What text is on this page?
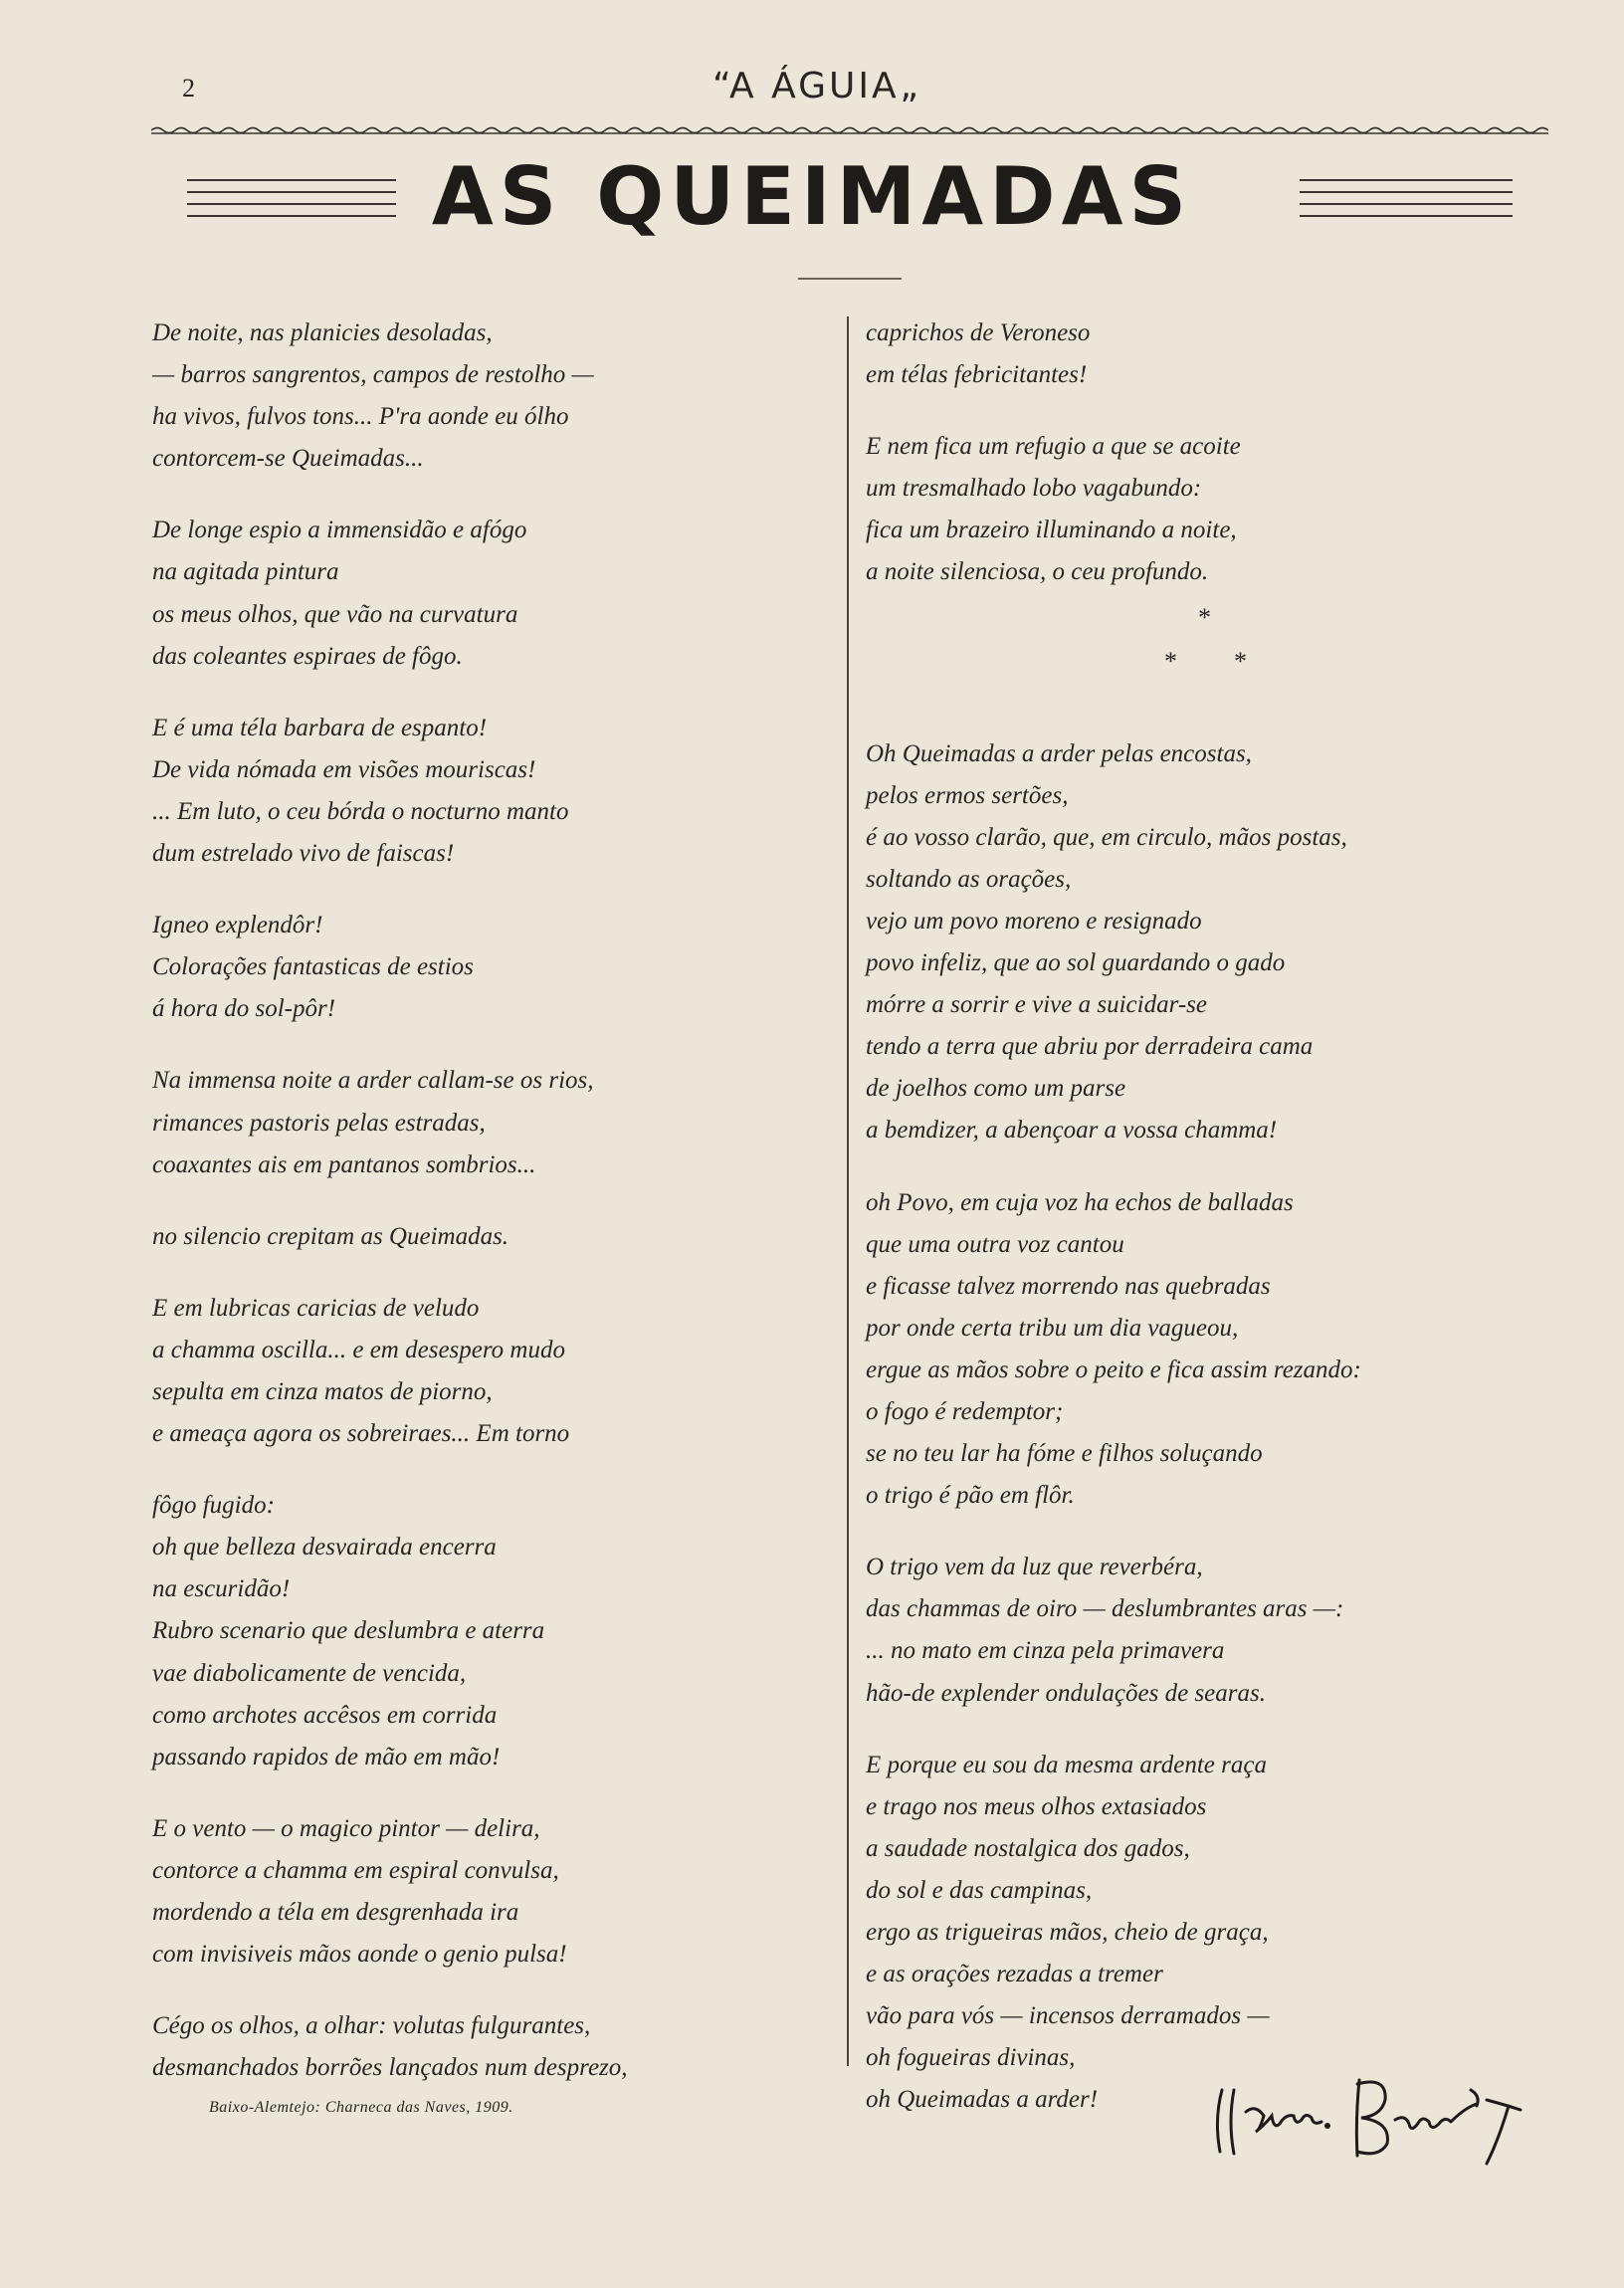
2	“A ÁGUIA„
AS QUEIMADAS
De noite, nas planicies desoladas,
— barros sangrentos, campos de restolho —
ha vivos, fulvos tons... P'ra aonde eu ólho
contorcem-se Queimadas...
De longe espio a immensidão e afógo
na agitada pintura
os meus olhos, que vão na curvatura
das coleantes espiraes de fôgo.
E é uma téla barbara de espanto!
De vida nómada em visões mouriscas!
... Em luto, o ceu bórda o nocturno manto
dum estrelado vivo de faiscas!
Igneo explendôr!
Colorações fantasticas de estios
á hora do sol-pôr!
Na immensa noite a arder callam-se os rios,
rimances pastoris pelas estradas,
coaxantes ais em pantanos sombrios...
no silencio crepitam as Queimadas.
E em lubricas caricias de veludo
a chamma oscilla... e em desespero mudo
sepulta em cinza matos de piorno,
e ameaça agora os sobreiraes... Em torno
fôgo fugido:
oh que belleza desvairada encerra
na escuridão!
Rubro scenario que deslumbra e aterra
vae diabolicamente de vencida,
como archotes accêsos em corrida
passando rapidos de mão em mão!
E o vento — o magico pintor — delira,
contorce a chamma em espiral convulsa,
mordendo a téla em desgrenhada ira
com invisiveis mãos aonde o genio pulsa!
Cégo os olhos, a olhar: volutas fulgurantes,
desmanchados borrões lançados num desprezo,
caprichos de Veroneso
em télas febricitantes!
E nem fica um refugio a que se acoite
um tresmalhado lobo vagabundo:
fica um brazeiro illuminando a noite,
a noite silenciosa, o ceu profundo.
Oh Queimadas a arder pelas encostas,
pelos ermos sertões,
é ao vosso clarão, que, em circulo, mãos postas,
soltando as orações,
vejo um povo moreno e resignado
povo infeliz, que ao sol guardando o gado
mórre a sorrir e vive a suicidar-se
tendo a terra que abriu por derradeira cama
de joelhos como um parse
a bemdizer, a abençoar a vossa chamma!
oh Povo, em cuja voz ha echos de balladas
que uma outra voz cantou
e ficasse talvez morrendo nas quebradas
por onde certa tribu um dia vagueou,
ergue as mãos sobre o peito e fica assim rezando:
o fogo é redemptor;
se no teu lar ha fóme e filhos soluçando
o trigo é pão em flôr.
O trigo vem da luz que reverbéra,
das chammas de oiro — deslumbrantes aras —:
... no mato em cinza pela primavera
hão-de explender ondulações de searas.
E porque eu sou da mesma ardente raça
e trago nos meus olhos extasiados
a saudade nostalgica dos gados,
do sol e das campinas,
ergo as trigueiras mãos, cheio de graça,
e as orações rezadas a tremer
vão para vós — incensos derramados —
oh fogueiras divinas,
oh Queimadas a arder!
*
* *
Baixo-Alemtejo: Charneca das Naves, 1909.
